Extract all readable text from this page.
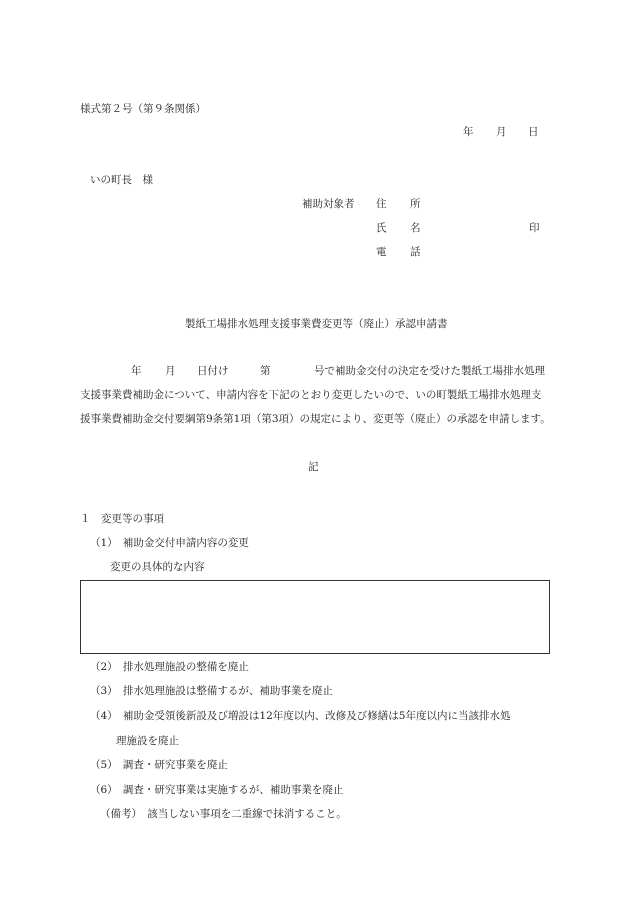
様式第２号（第９条関係）
年 月 日
いの町長　様
補助対象者 住 所
氏 名	印
電 話
製紙工場排水処理支援事業費変更等（廃止）承認申請書
年 月 日付け	第	号で補助金交付の決定を受けた製紙工場排水処理
支援事業費補助金について、申請内容を下記のとおり変更したいので、いの町製紙工場排水処理支
援事業費補助金交付要綱第9条第1項（第3項）の規定により、変更等（廃止）の承認を申請します。
記
１　変更等の事項
（1）　補助金交付申請内容の変更
変更の具体的な内容
（2）　排水処理施設の整備を廃止
（3）　排水処理施設は整備するが、補助事業を廃止
（4）　補助金受領後新設及び増設は12年度以内、改修及び修繕は5年度以内に当該排水処
理施設を廃止
（5）　調査・研究事業を廃止
（6）　調査・研究事業は実施するが、補助事業を廃止
（備考）　該当しない事項を二重線で抹消すること。
